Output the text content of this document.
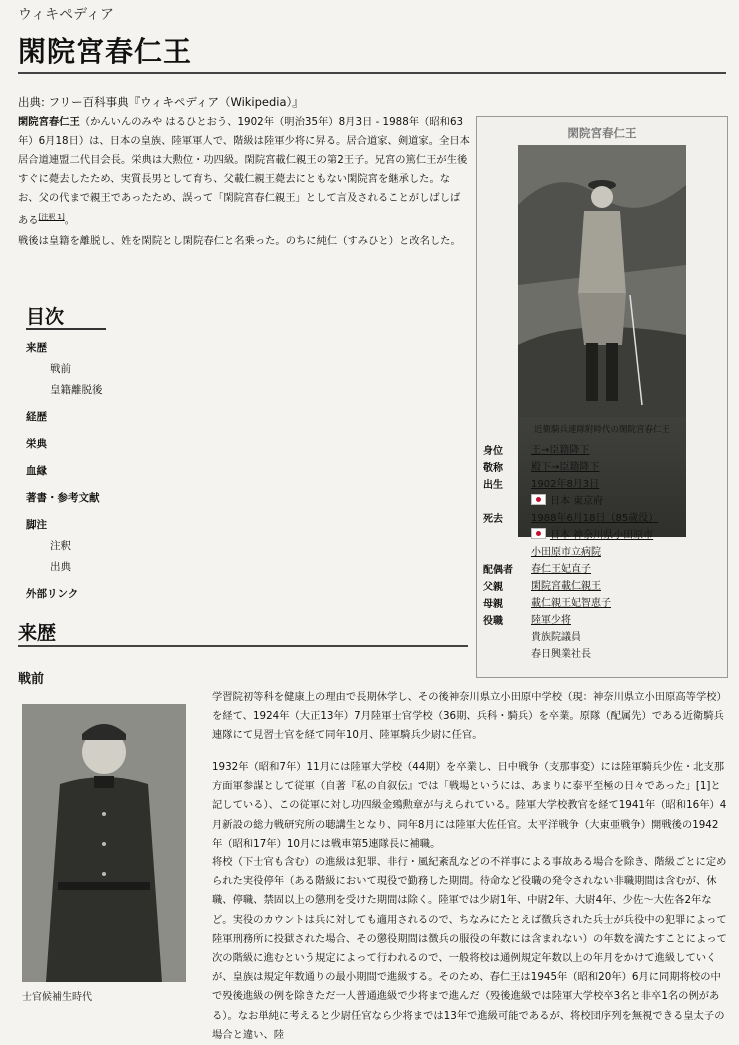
ウィキペディア
閑院宮春仁王
出典: フリー百科事典『ウィキペディア（Wikipedia）』

閑院宮春仁王（かんいんのみや はるひとおう、1902年（明治35年）8月3日 - 1988年（昭和63年）6月18日）は、日本の皇族、陸軍軍人で、階級は陸軍少将に昇る。居合道家、剣道家。全日本居合道連盟二代目会長。栄典は大勲位・功四級。閑院宮載仁親王の第2王子。兄宮の篤仁王が生後すぐに薨去したため、実質長男として育ち、父載仁親王薨去にともない閑院宮を継承した。なお、父の代まで親王であったため、誤って「閑院宮春仁親王」として言及されることがしばしばある[注釈 1]。

戦後は皇籍を離脱し、姓を閑院とし閑院春仁と名乗った。のちに純仁（すみひと）と改名した。

目次
来歴
戦前
皇籍離脱後
経歴
栄典
血縁
著書・参考文献
脚注
注釈
出典
外部リンク
閑院宮春仁王
近衛騎兵連隊附時代の閑院宮春仁王
身位	王→臣籍降下
敬称	殿下→臣籍降下
出生	1902年8月3日
日本 東京府
死去	1988年6月18日（85歳没）
日本 神奈川県小田原市
小田原市立病院
配偶者	春仁王妃直子
父親	閑院宮載仁親王
母親	載仁親王妃智恵子
役職	陸軍少将
貴族院議員
春日興業社長
来歴
戦前
士官候補生時代

学習院初等科を健康上の理由で長期休学し、その後神奈川県立小田原中学校（現：神奈川県立小田原高等学校）を経て、1924年（大正13年）7月陸軍士官学校（36期、兵科・騎兵）を卒業。原隊（配属先）である近衛騎兵連隊にて見習士官を経て同年10月、陸軍騎兵少尉に任官。

1932年（昭和7年）11月には陸軍大学校（44期）を卒業し、日中戦争（支那事変）には陸軍騎兵少佐・北支那方面軍参謀として従軍（自著『私の自叙伝』では「戦場というには、あまりに泰平至極の日々であった」[1]と記している）、この従軍に対し功四級金鵄勲章が与えられている。陸軍大学校教官を経て1941年（昭和16年）4月新設の総力戦研究所の聴講生となり、同年8月には陸軍大佐任官。太平洋戦争（大東亜戦争）開戦後の1942年（昭和17年）10月には戦車第5連隊長に補職。

将校（下士官も含む）の進級は犯罪、非行・風紀紊乱などの不祥事による事故ある場合を除き、階級ごとに定められた実役停年（ある階級において現役で勤務した期間。待命など役職の発令されない非職期間は含むが、休職、停職、禁固以上の懲刑を受けた期間は除く。陸軍では少尉1年、中尉2年、大尉4年、少佐〜大佐各2年など。実役のカウントは兵に対しても適用されるので、ちなみにたとえば徴兵された兵士が兵役中の犯罪によって陸軍刑務所に投獄された場合、その懲役期間は徴兵の服役の年数には含まれない）の年数を満たすことによって次の階級に進むという規定によって行われるので、一般将校は通例規定年数以上の年月をかけて進級していくが、皇族は規定年数通りの最小期間で進級する。そのため、春仁王は1945年（昭和20年）6月に同期将校の中で殁後進級の例を除きただ一人普通進級で少将まで進んだ（殁後進級では陸軍大学校卒3名と非卒1名の例がある）。なお単純に考えると少尉任官なら少将までは13年で進級可能であるが、将校団序列を無視できる皇太子の場合と違い、陸
